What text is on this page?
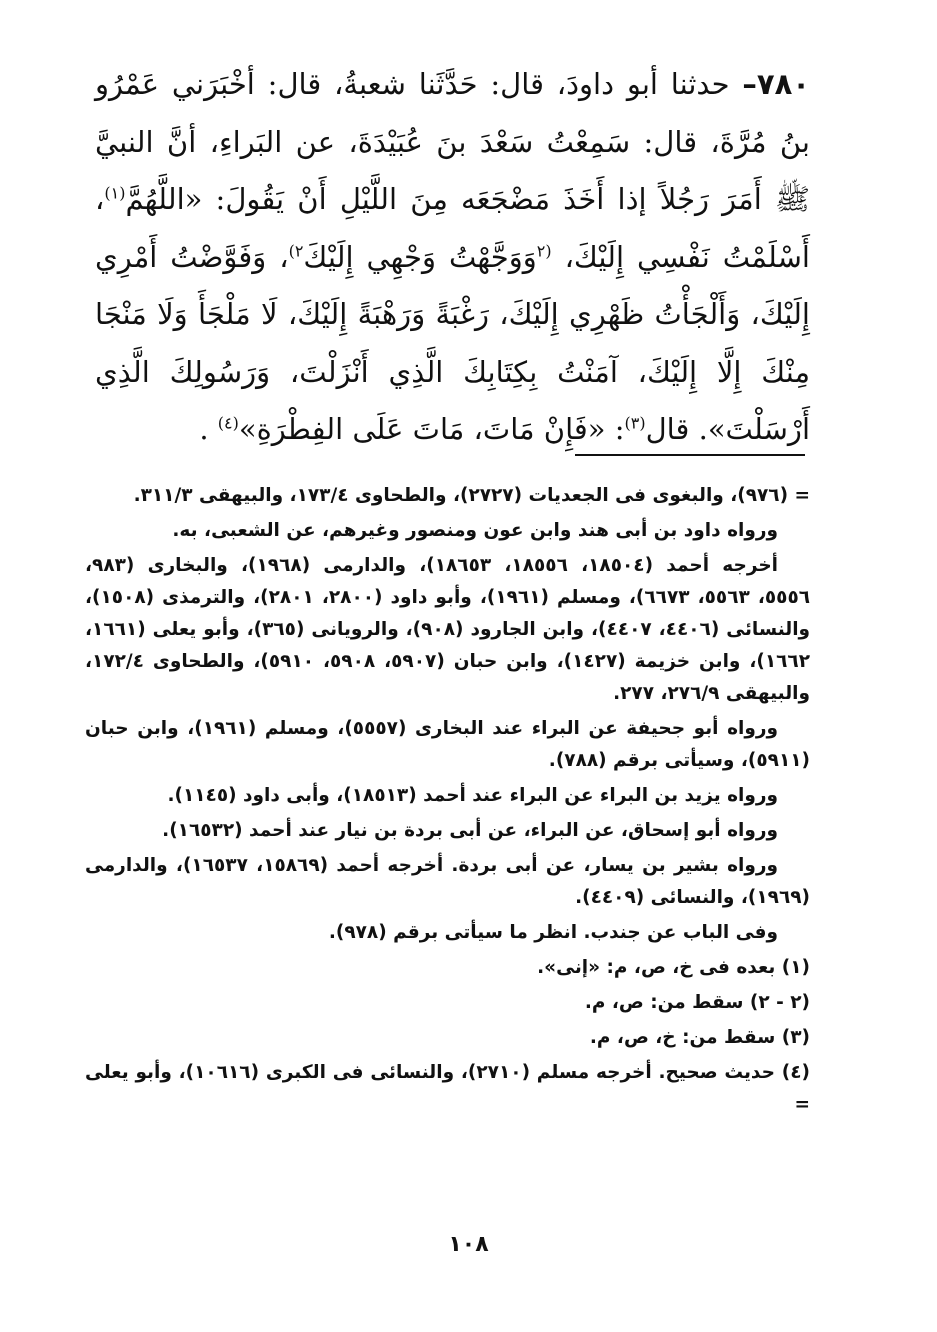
٧٨٠– حدثنا أبو داودَ، قال: حَدَّثَنا شعبةُ، قال: أخْبَرَني عَمْرُو بنُ مُرَّةَ، قال: سَمِعْتُ سَعْدَ بنَ عُبَيْدَةَ، عن البَراءِ، أنَّ النبيَّ ﷺ أَمَرَ رَجُلاً إذا أَخَذَ مَضْجَعَه مِنَ اللَّيْلِ أَنْ يَقُولَ: «اللَّهُمَّ$^{(١)}$، أَسْلَمْتُ نَفْسِي إِلَيْكَ، $^{(٢}$وَوَجَّهْتُ وَجْهِي إِلَيْكَ$^{٢)}$، وَفَوَّضْتُ أَمْرِي إِلَيْكَ، وَأَلْجَأْتُ ظَهْرِي إِلَيْكَ، رَغْبَةً وَرَهْبَةً إِلَيْكَ، لَا مَلْجَأَ وَلَا مَنْجَا مِنْكَ إِلَّا إِلَيْكَ، آمَنْتُ بِكِتَابِكَ الَّذِي أَنْزَلْتَ، وَرَسُولِكَ الَّذِي أَرْسَلْتَ». قال$^{(٣)}$: «فَإِنْ مَاتَ، مَاتَ عَلَى الفِطْرَةِ»$^{(٤)}$ .

= (٩٧٦)، والبغوى فى الجعديات (٢٧٢٧)، والطحاوى ١٧٣/٤، والبيهقى ٣١١/٣.

ورواه داود بن أبى هند وابن عون ومنصور وغيرهم، عن الشعبى، به.

أخرجه أحمد (١٨٥٠٤، ١٨٥٥٦، ١٨٦٥٣)، والدارمى (١٩٦٨)، والبخارى (٩٨٣، ٥٥٥٦، ٥٥٦٣، ٦٦٧٣)، ومسلم (١٩٦١)، وأبو داود (٢٨٠٠، ٢٨٠١)، والترمذى (١٥٠٨)، والنسائى (٤٤٠٦، ٤٤٠٧)، وابن الجارود (٩٠٨)، والرويانى (٣٦٥)، وأبو يعلى (١٦٦١، ١٦٦٢)، وابن خزيمة (١٤٢٧)، وابن حبان (٥٩٠٧، ٥٩٠٨، ٥٩١٠)، والطحاوى ١٧٢/٤، والبيهقى ٢٧٦/٩، ٢٧٧.

ورواه أبو جحيفة عن البراء عند البخارى (٥٥٥٧)، ومسلم (١٩٦١)، وابن حبان (٥٩١١)، وسيأتى برقم (٧٨٨).

ورواه يزيد بن البراء عن البراء عند أحمد (١٨٥١٣)، وأبى داود (١١٤٥).

ورواه أبو إسحاق، عن البراء، عن أبى بردة بن نيار عند أحمد (١٦٥٣٢).

ورواه بشير بن يسار، عن أبى بردة. أخرجه أحمد (١٥٨٦٩، ١٦٥٣٧)، والدارمى (١٩٦٩)، والنسائى (٤٤٠٩).

وفى الباب عن جندب. انظر ما سيأتى برقم (٩٧٨).

(١) بعده فى خ، ص، م: «إنى».

(٢ - ٢) سقط من: ص، م.

(٣) سقط من: خ، ص، م.

(٤) حديث صحيح. أخرجه مسلم (٢٧١٠)، والنسائى فى الكبرى (١٠٦١٦)، وأبو يعلى =

١٠٨
